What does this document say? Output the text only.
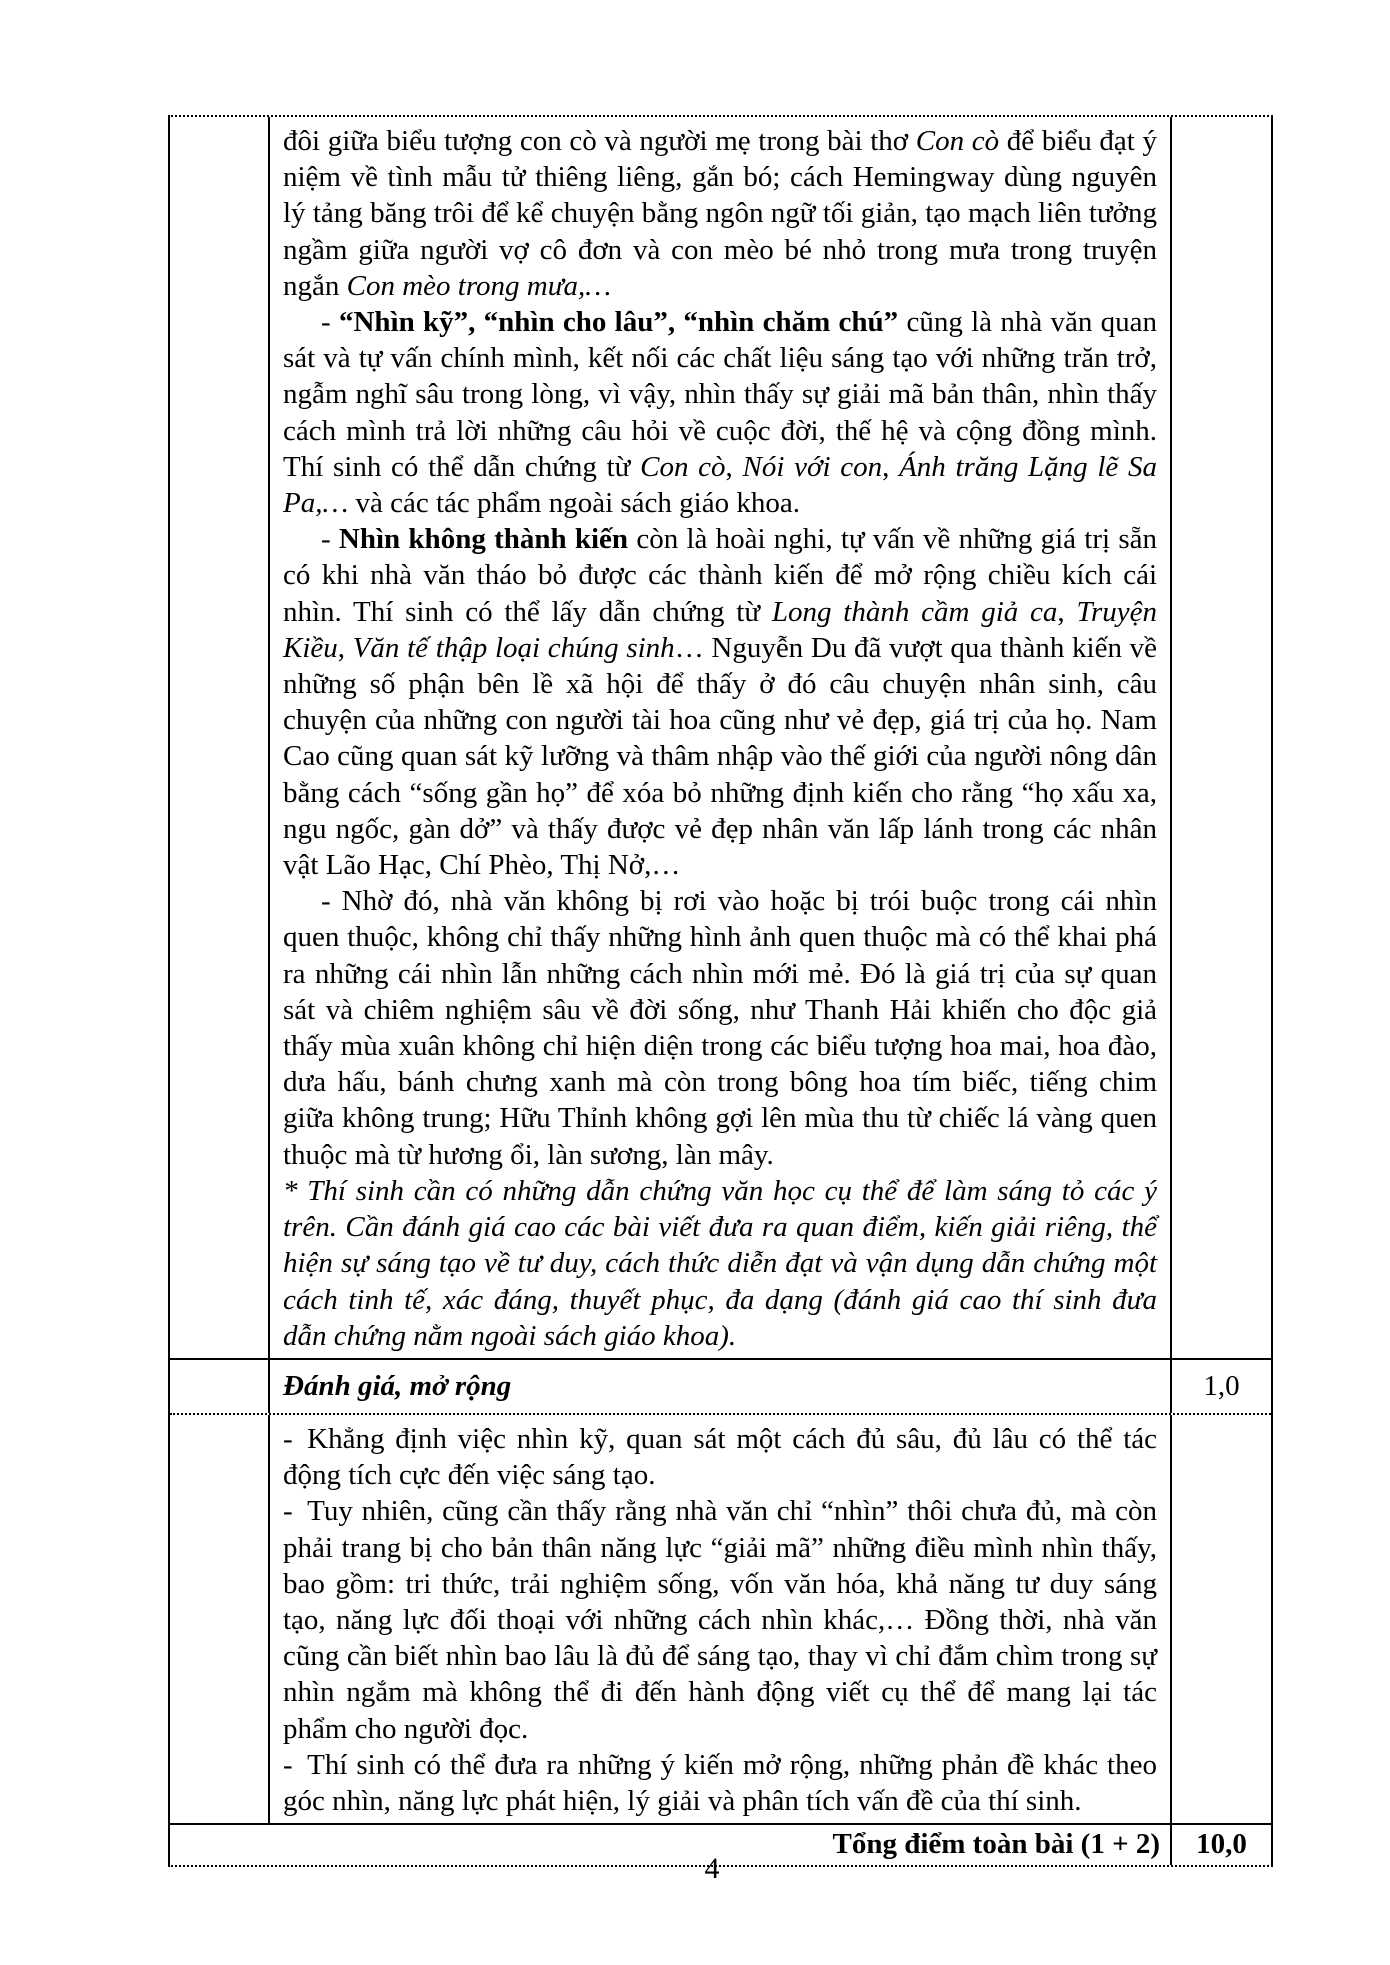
đôi giữa biểu tượng con cò và người mẹ trong bài thơ Con cò để biểu đạt ý niệm về tình mẫu tử thiêng liêng, gắn bó; cách Hemingway dùng nguyên lý tảng băng trôi để kể chuyện bằng ngôn ngữ tối giản, tạo mạch liên tưởng ngầm giữa người vợ cô đơn và con mèo bé nhỏ trong mưa trong truyện ngắn Con mèo trong mưa,…

- “Nhìn kỹ”, “nhìn cho lâu”, “nhìn chăm chú” cũng là nhà văn quan sát và tự vấn chính mình, kết nối các chất liệu sáng tạo với những trăn trở, ngẫm nghĩ sâu trong lòng, vì vậy, nhìn thấy sự giải mã bản thân, nhìn thấy cách mình trả lời những câu hỏi về cuộc đời, thế hệ và cộng đồng mình. Thí sinh có thể dẫn chứng từ Con cò, Nói với con, Ánh trăng Lặng lẽ Sa Pa,… và các tác phẩm ngoài sách giáo khoa.

- Nhìn không thành kiến còn là hoài nghi, tự vấn về những giá trị sẵn có khi nhà văn tháo bỏ được các thành kiến để mở rộng chiều kích cái nhìn. Thí sinh có thể lấy dẫn chứng từ Long thành cầm giả ca, Truyện Kiều, Văn tế thập loại chúng sinh… Nguyễn Du đã vượt qua thành kiến về những số phận bên lề xã hội để thấy ở đó câu chuyện nhân sinh, câu chuyện của những con người tài hoa cũng như vẻ đẹp, giá trị của họ. Nam Cao cũng quan sát kỹ lưỡng và thâm nhập vào thế giới của người nông dân bằng cách “sống gần họ” để xóa bỏ những định kiến cho rằng “họ xấu xa, ngu ngốc, gàn dở” và thấy được vẻ đẹp nhân văn lấp lánh trong các nhân vật Lão Hạc, Chí Phèo, Thị Nở,…

- Nhờ đó, nhà văn không bị rơi vào hoặc bị trói buộc trong cái nhìn quen thuộc, không chỉ thấy những hình ảnh quen thuộc mà có thể khai phá ra những cái nhìn lẫn những cách nhìn mới mẻ. Đó là giá trị của sự quan sát và chiêm nghiệm sâu về đời sống, như Thanh Hải khiến cho độc giả thấy mùa xuân không chỉ hiện diện trong các biểu tượng hoa mai, hoa đào, dưa hấu, bánh chưng xanh mà còn trong bông hoa tím biếc, tiếng chim giữa không trung; Hữu Thỉnh không gợi lên mùa thu từ chiếc lá vàng quen thuộc mà từ hương ổi, làn sương, làn mây.

* Thí sinh cần có những dẫn chứng văn học cụ thể để làm sáng tỏ các ý trên. Cần đánh giá cao các bài viết đưa ra quan điểm, kiến giải riêng, thể hiện sự sáng tạo về tư duy, cách thức diễn đạt và vận dụng dẫn chứng một cách tinh tế, xác đáng, thuyết phục, đa dạng (đánh giá cao thí sinh đưa dẫn chứng nằm ngoài sách giáo khoa).

Đánh giá, mở rộng	1,0

- Khẳng định việc nhìn kỹ, quan sát một cách đủ sâu, đủ lâu có thể tác động tích cực đến việc sáng tạo.

- Tuy nhiên, cũng cần thấy rằng nhà văn chỉ “nhìn” thôi chưa đủ, mà còn phải trang bị cho bản thân năng lực “giải mã” những điều mình nhìn thấy, bao gồm: tri thức, trải nghiệm sống, vốn văn hóa, khả năng tư duy sáng tạo, năng lực đối thoại với những cách nhìn khác,… Đồng thời, nhà văn cũng cần biết nhìn bao lâu là đủ để sáng tạo, thay vì chỉ đắm chìm trong sự nhìn ngắm mà không thể đi đến hành động viết cụ thể để mang lại tác phẩm cho người đọc.

- Thí sinh có thể đưa ra những ý kiến mở rộng, những phản đề khác theo góc nhìn, năng lực phát hiện, lý giải và phân tích vấn đề của thí sinh.

Tổng điểm toàn bài (1 + 2)	10,0
4
